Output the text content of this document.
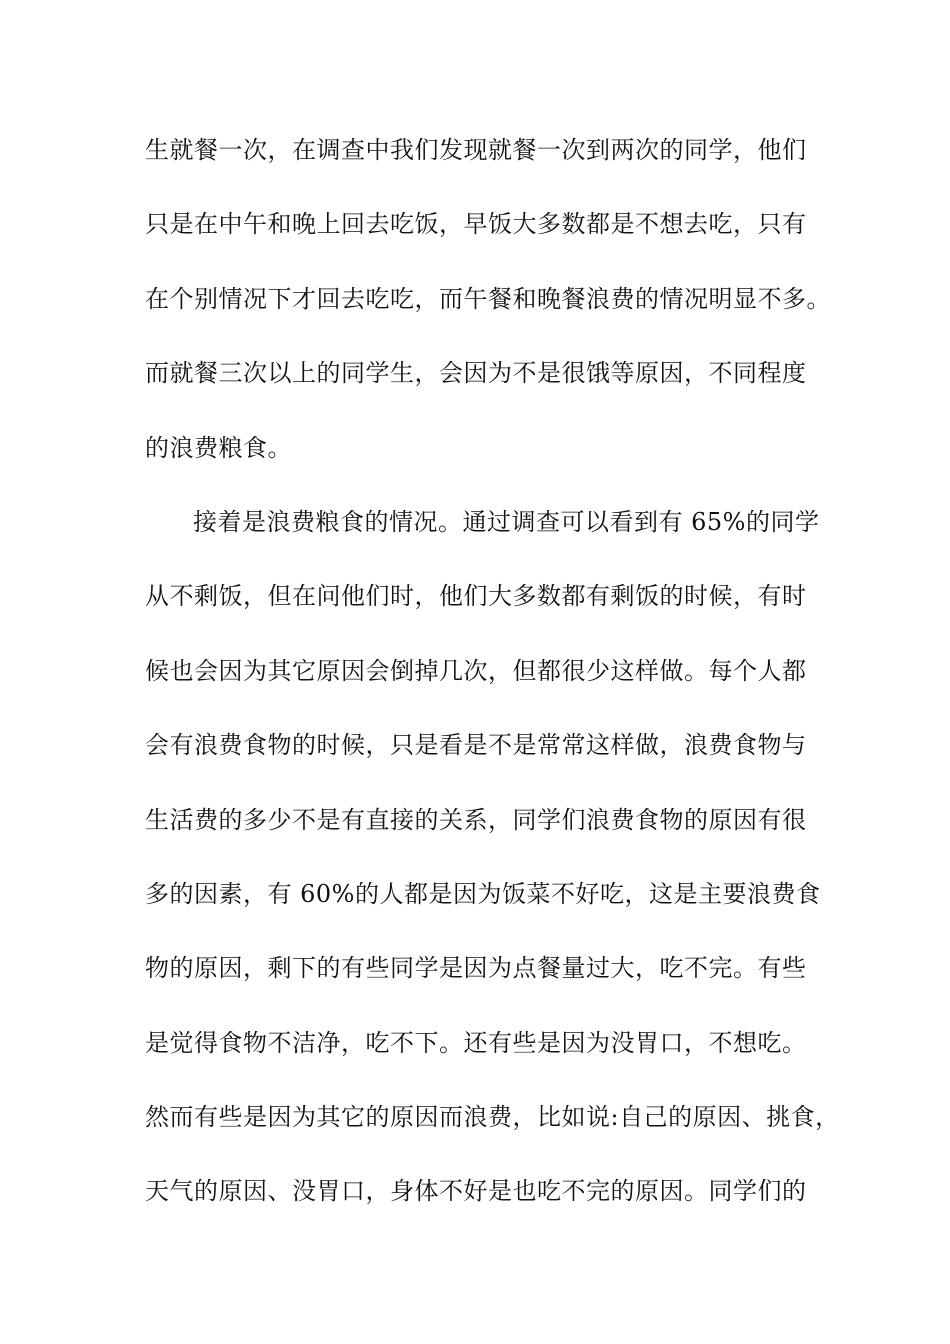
生就餐一次，在调查中我们发现就餐一次到两次的同学，他们
只是在中午和晚上回去吃饭，早饭大多数都是不想去吃，只有
在个别情况下才回去吃吃，而午餐和晚餐浪费的情况明显不多。
而就餐三次以上的同学生，会因为不是很饿等原因，不同程度
的浪费粮食。
接着是浪费粮食的情况。通过调查可以看到有 65%的同学
从不剩饭，但在问他们时，他们大多数都有剩饭的时候，有时
候也会因为其它原因会倒掉几次，但都很少这样做。每个人都
会有浪费食物的时候，只是看是不是常常这样做，浪费食物与
生活费的多少不是有直接的关系，同学们浪费食物的原因有很
多的因素，有 60%的人都是因为饭菜不好吃，这是主要浪费食
物的原因，剩下的有些同学是因为点餐量过大，吃不完。有些
是觉得食物不洁净，吃不下。还有些是因为没胃口，不想吃。
然而有些是因为其它的原因而浪费，比如说:自己的原因、挑食，
天气的原因、没胃口，身体不好是也吃不完的原因。同学们的
